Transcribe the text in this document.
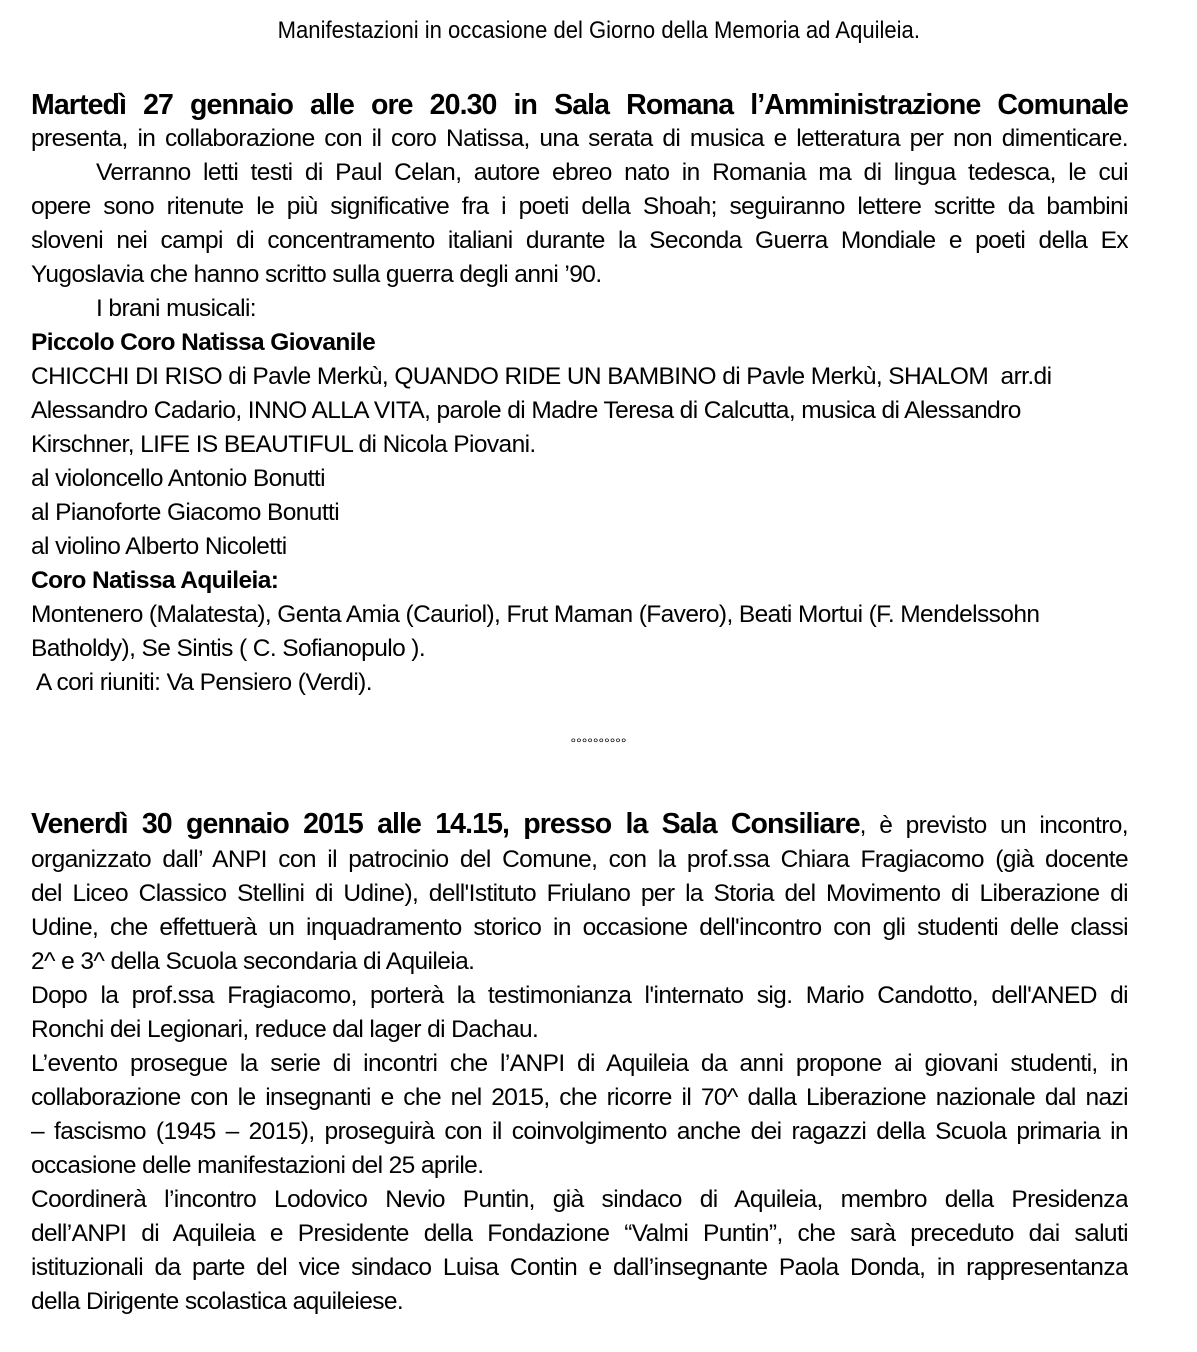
Manifestazioni in occasione del Giorno della Memoria ad Aquileia.
°°°°°°°°°°
Martedì 27 gennaio alle ore 20.30 in Sala Romana l’Amministrazione Comunale
presenta, in collaborazione con il coro Natissa, una serata di musica e letteratura per non dimenticare.
Verranno letti testi di Paul Celan, autore ebreo nato in Romania ma di lingua tedesca, le cui
opere sono ritenute le più significative fra i poeti della Shoah; seguiranno lettere scritte da bambini
sloveni nei campi di concentramento italiani durante la Seconda Guerra Mondiale e poeti della Ex
Yugoslavia che hanno scritto sulla guerra degli anni ’90.
I brani musicali:
Piccolo Coro Natissa Giovanile
CHICCHI DI RISO di Pavle Merkù, QUANDO RIDE UN BAMBINO di Pavle Merkù, SHALOM  arr.di
Alessandro Cadario, INNO ALLA VITA, parole di Madre Teresa di Calcutta, musica di Alessandro
Kirschner, LIFE IS BEAUTIFUL di Nicola Piovani.
al violoncello Antonio Bonutti
al Pianoforte Giacomo Bonutti
al violino Alberto Nicoletti
Coro Natissa Aquileia:
Montenero (Malatesta), Genta Amia (Cauriol), Frut Maman (Favero), Beati Mortui (F. Mendelssohn
Batholdy), Se Sintis ( C. Sofianopulo ).
A cori riuniti: Va Pensiero (Verdi).
Venerdì 30 gennaio 2015 alle 14.15, presso la Sala Consiliare, è previsto un incontro,
organizzato dall’ ANPI con il patrocinio del Comune, con la prof.ssa Chiara Fragiacomo (già docente
del Liceo Classico Stellini di Udine), dell'Istituto Friulano per la Storia del Movimento di Liberazione di
Udine, che effettuerà un inquadramento storico in occasione dell'incontro con gli studenti delle classi
2^ e 3^ della Scuola secondaria di Aquileia.
Dopo la prof.ssa Fragiacomo, porterà la testimonianza l'internato sig. Mario Candotto, dell'ANED di
Ronchi dei Legionari, reduce dal lager di Dachau.
L’evento prosegue la serie di incontri che l’ANPI di Aquileia da anni propone ai giovani studenti, in
collaborazione con le insegnanti e che nel 2015, che ricorre il 70^ dalla Liberazione nazionale dal nazi
– fascismo (1945 – 2015), proseguirà con il coinvolgimento anche dei ragazzi della Scuola primaria in
occasione delle manifestazioni del 25 aprile.
Coordinerà l’incontro Lodovico Nevio Puntin, già sindaco di Aquileia, membro della Presidenza
dell’ANPI di Aquileia e Presidente della Fondazione “Valmi Puntin”, che sarà preceduto dai saluti
istituzionali da parte del vice sindaco Luisa Contin e dall’insegnante Paola Donda, in rappresentanza
della Dirigente scolastica aquileiese.
